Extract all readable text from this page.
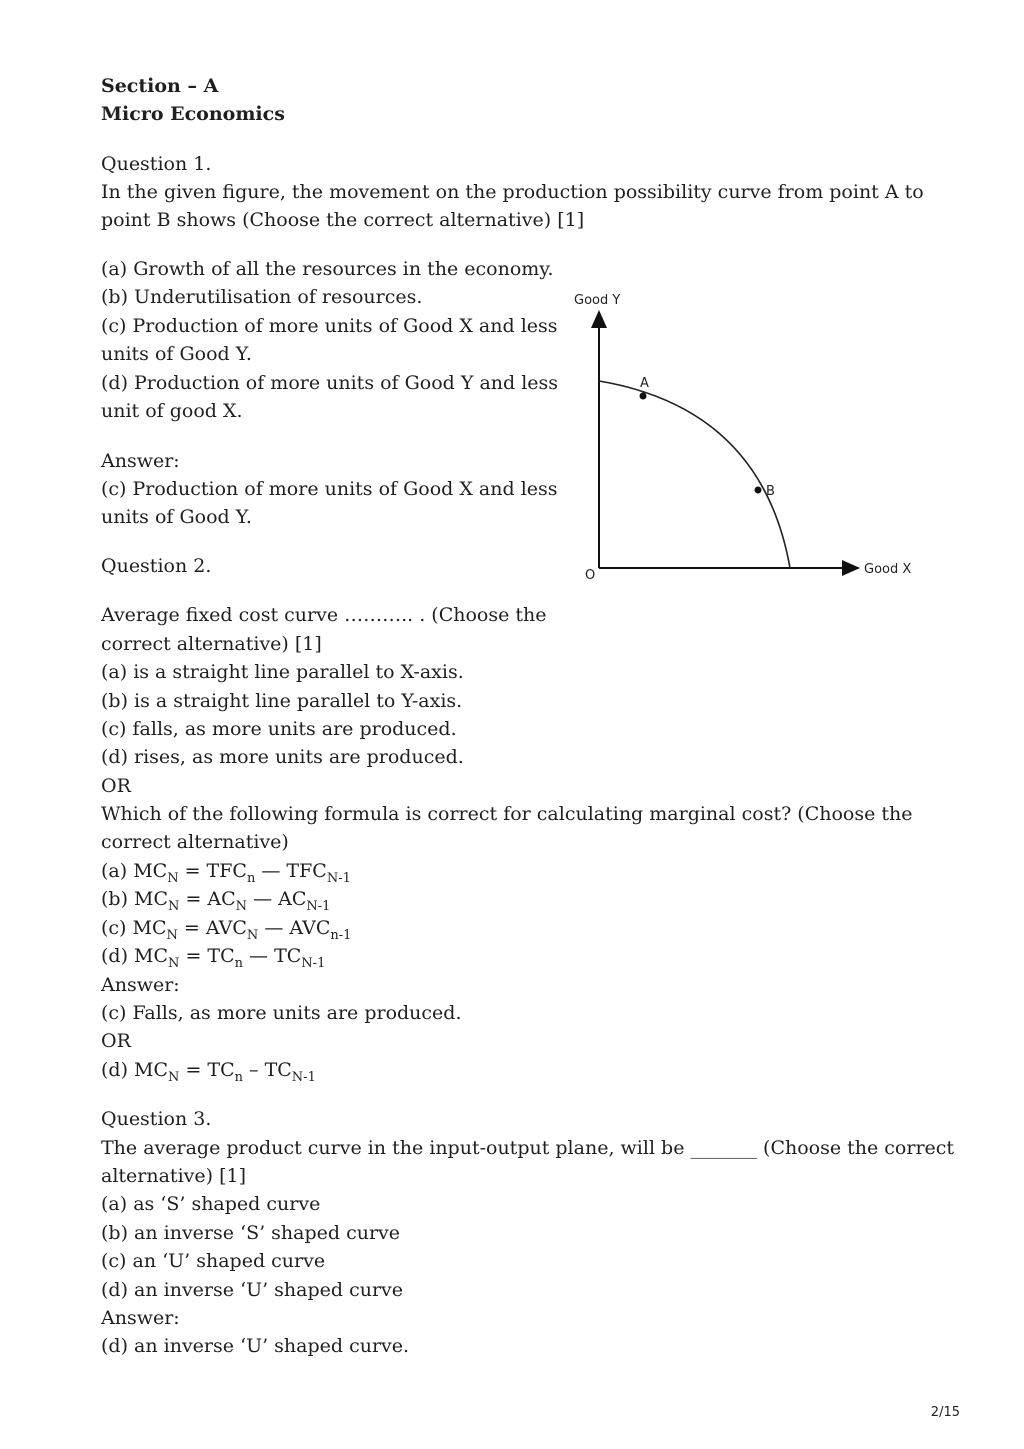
Section – A

Micro Economics

Question 1.

In the given figure, the movement on the production possibility curve from point A to

point B shows (Choose the correct alternative) [1]

(a) Growth of all the resources in the economy.

(b) Underutilisation of resources.

(c) Production of more units of Good X and less

units of Good Y.

(d) Production of more units of Good Y and less

unit of good X.

Answer:

(c) Production of more units of Good X and less

units of Good Y.

Good Y
Good X
O
A
B

Question 2.

Average fixed cost curve ……….. . (Choose the

correct alternative) [1]

(a) is a straight line parallel to X-axis.

(b) is a straight line parallel to Y-axis.

(c) falls, as more units are produced.

(d) rises, as more units are produced.

OR

Which of the following formula is correct for calculating marginal cost? (Choose the

correct alternative)

(a) $MC_N = TFC_n$ — $TFC_{N-1}$

(b) $MC_N = AC_N$ — $AC_{N-1}$

(c) $MC_N = AVC_N$ — $AVC_{n-1}$

(d) $MC_N = TC_n$ — $TC_{N-1}$

Answer:

(c) Falls, as more units are produced.

OR

(d) $MC_N = TC_n - TC_{N-1}$

Question 3.

The average product curve in the input-output plane, will be _______ (Choose the correct

alternative) [1]

(a) as ‘S’ shaped curve

(b) an inverse ‘S’ shaped curve

(c) an ‘U’ shaped curve

(d) an inverse ‘U’ shaped curve

Answer:

(d) an inverse ‘U’ shaped curve.

2/15
